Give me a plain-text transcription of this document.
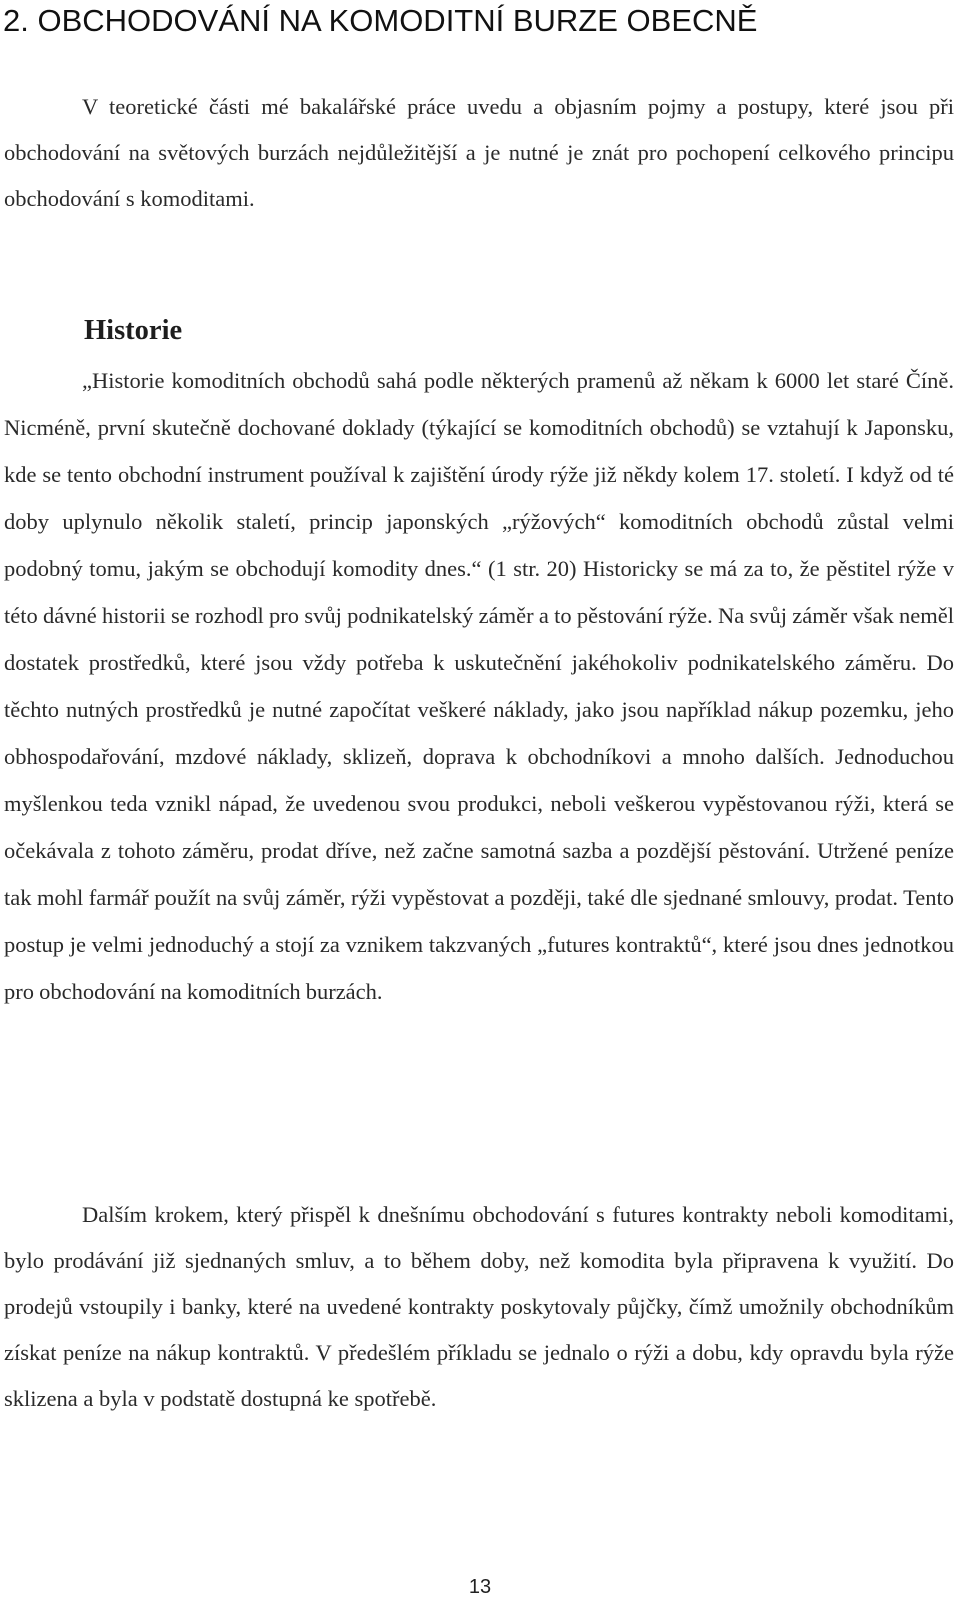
2. OBCHODOVÁNÍ NA KOMODITNÍ BURZE OBECNĚ

V teoretické části mé bakalářské práce uvedu a objasním pojmy a postupy, které jsou při obchodování na světových burzách nejdůležitější a je nutné je znát pro pochopení celkového principu obchodování s komoditami.

Historie

„Historie komoditních obchodů sahá podle některých pramenů až někam k 6000 let staré Číně. Nicméně, první skutečně dochované doklady (týkající se komoditních obchodů) se vztahují k Japonsku, kde se tento obchodní instrument používal k zajištění úrody rýže již někdy kolem 17. století. I když od té doby uplynulo několik staletí, princip japonských „rýžových“ komoditních obchodů zůstal velmi podobný tomu, jakým se obchodují komodity dnes.“ (1 str. 20) Historicky se má za to, že pěstitel rýže v této dávné historii se rozhodl pro svůj podnikatelský záměr a to pěstování rýže. Na svůj záměr však neměl dostatek prostředků, které jsou vždy potřeba k uskutečnění jakéhokoliv podnikatelského záměru. Do těchto nutných prostředků je nutné započítat veškeré náklady, jako jsou například nákup pozemku, jeho obhospodařování, mzdové náklady, sklizeň, doprava k obchodníkovi a mnoho dalších. Jednoduchou myšlenkou teda vznikl nápad, že uvedenou svou produkci, neboli veškerou vypěstovanou rýži, která se očekávala z tohoto záměru, prodat dříve, než začne samotná sazba a pozdější pěstování. Utržené peníze tak mohl farmář použít na svůj záměr, rýži vypěstovat a později, také dle sjednané smlouvy, prodat. Tento postup je velmi jednoduchý a stojí za vznikem takzvaných „futures kontraktů“, které jsou dnes jednotkou pro obchodování na komoditních burzách.

Dalším krokem, který přispěl k dnešnímu obchodování s futures kontrakty neboli komoditami, bylo prodávání již sjednaných smluv, a to během doby, než komodita byla připravena k využití. Do prodejů vstoupily i banky, které na uvedené kontrakty poskytovaly půjčky, čímž umožnily obchodníkům získat peníze na nákup kontraktů. V předešlém příkladu se jednalo o rýži a dobu, kdy opravdu byla rýže sklizena a byla v podstatě dostupná ke spotřebě.

13
